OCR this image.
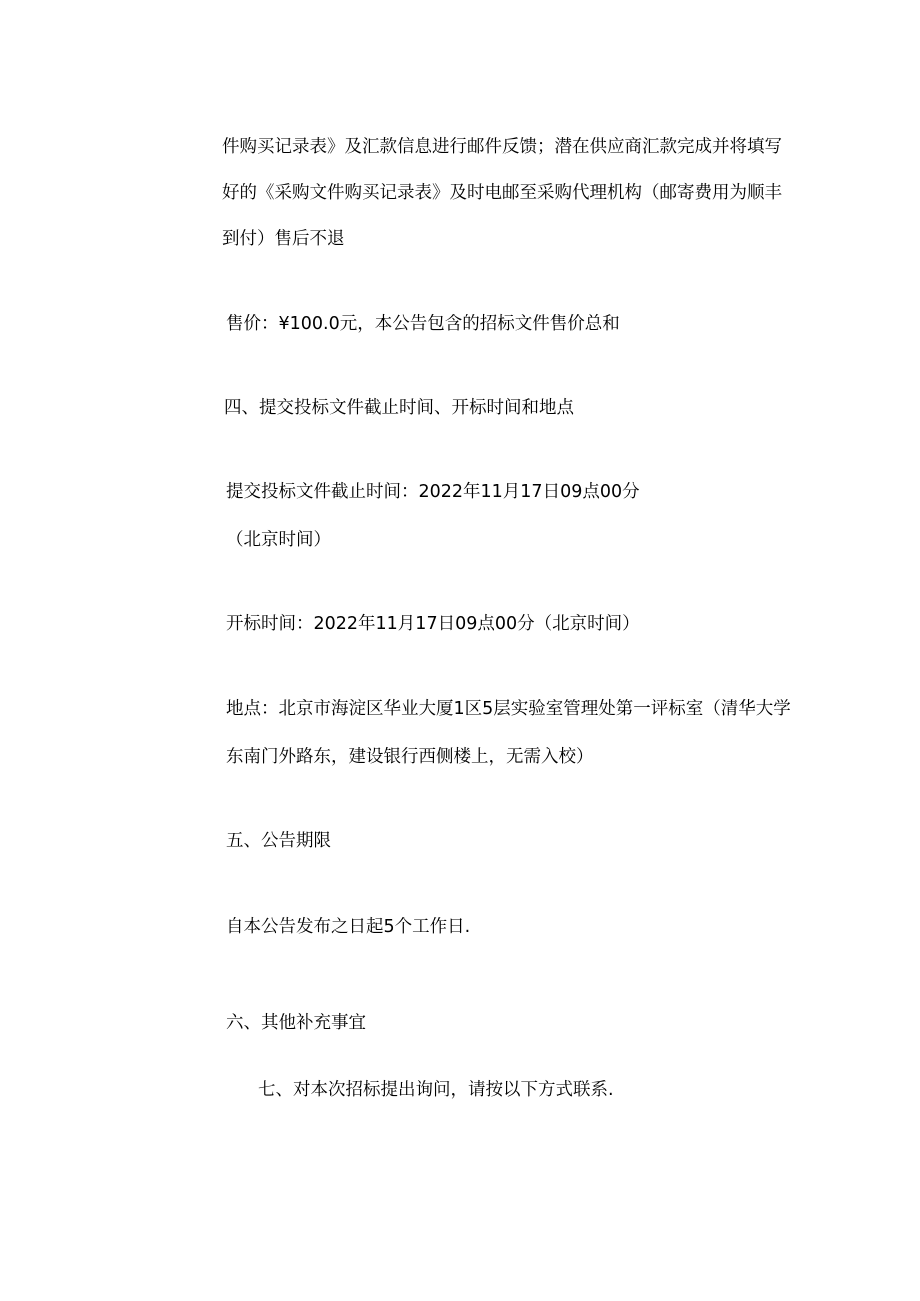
件购买记录表》及汇款信息进行邮件反馈；潜在供应商汇款完成并将填写
好的《采购文件购买记录表》及时电邮至采购代理机构（邮寄费用为顺丰
到付）售后不退
售价：¥100.0元，本公告包含的招标文件售价总和
四、提交投标文件截止时间、开标时间和地点
提交投标文件截止时间：2022年11月17日09点00分
（北京时间）
开标时间：2022年11月17日09点00分（北京时间）
地点：北京市海淀区华业大厦1区5层实验室管理处第一评标室（清华大学
东南门外路东，建设银行西侧楼上，无需入校）
五、公告期限
自本公告发布之日起5个工作日.
六、其他补充事宜
七、对本次招标提出询问，请按以下方式联系.
